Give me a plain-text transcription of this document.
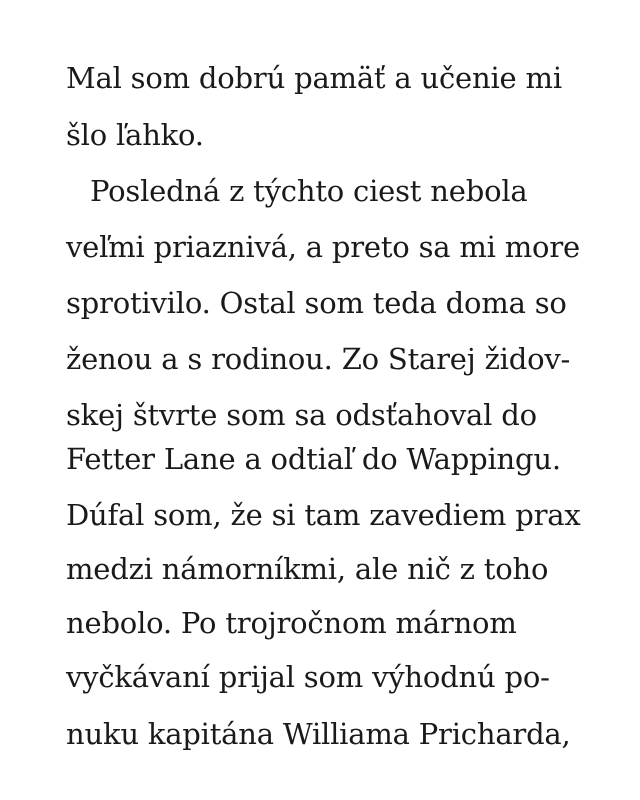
Mal som dobrú pamäť a učenie mi
šlo ľahko.
Posledná z týchto ciest nebola
veľmi priaznivá, a preto sa mi more
sprotivilo. Ostal som teda doma so
ženou a s rodinou. Zo Starej židov-
skej štvrte som sa odsťahoval do
Fetter Lane a odtiaľ do Wappingu.
Dúfal som, že si tam zavediem prax
medzi námorníkmi, ale nič z toho
nebolo. Po trojročnom márnom
vyčkávaní prijal som výhodnú po-
nuku kapitána Williama Pricharda,
